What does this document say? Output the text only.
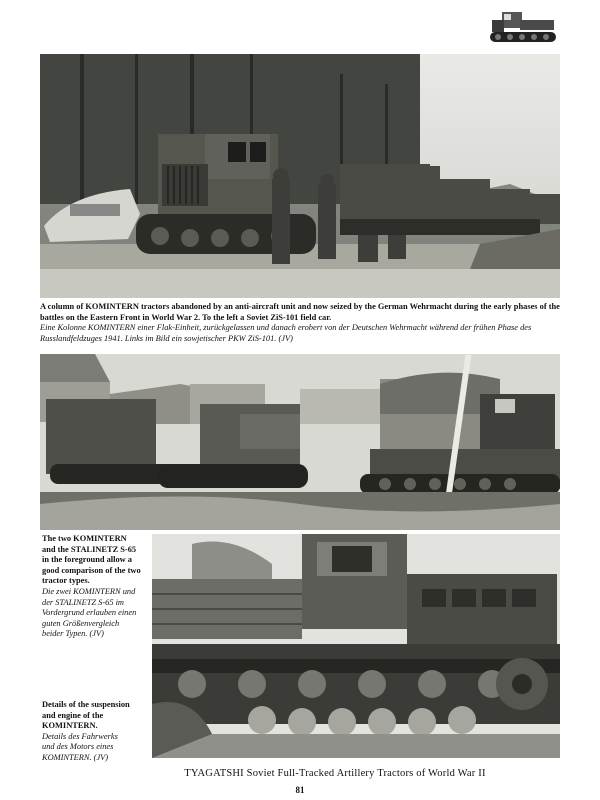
A column of KOMINTERN tractors abandoned by an anti-aircraft unit and now seized by the German Wehrmacht during the early phases of the battles on the Eastern Front in World War 2. To the left a Soviet ZiS-101 field car.
Eine Kolonne KOMINTERN einer Flak-Einheit, zurückgelassen und danach erobert von der Deutschen Wehrmacht während der frühen Phase des Russlandfeldzuges 1941. Links im Bild ein sowjetischer PKW ZiS-101. (JV)
The two KOMINTERN
and the STALINETZ S-65
in the foreground allow a
good comparison of the two
tractor types.
Die zwei KOMINTERN und
der STALINETZ S-65 im
Vordergrund erlauben einen
guten Größenvergleich
beider Typen. (JV)
Details of the suspension
and engine of the
KOMINTERN.
Details des Fahrwerks
und des Motors eines
KOMINTERN. (JV)
TYAGATSHI Soviet Full-Tracked Artillery Tractors of World War II
81
